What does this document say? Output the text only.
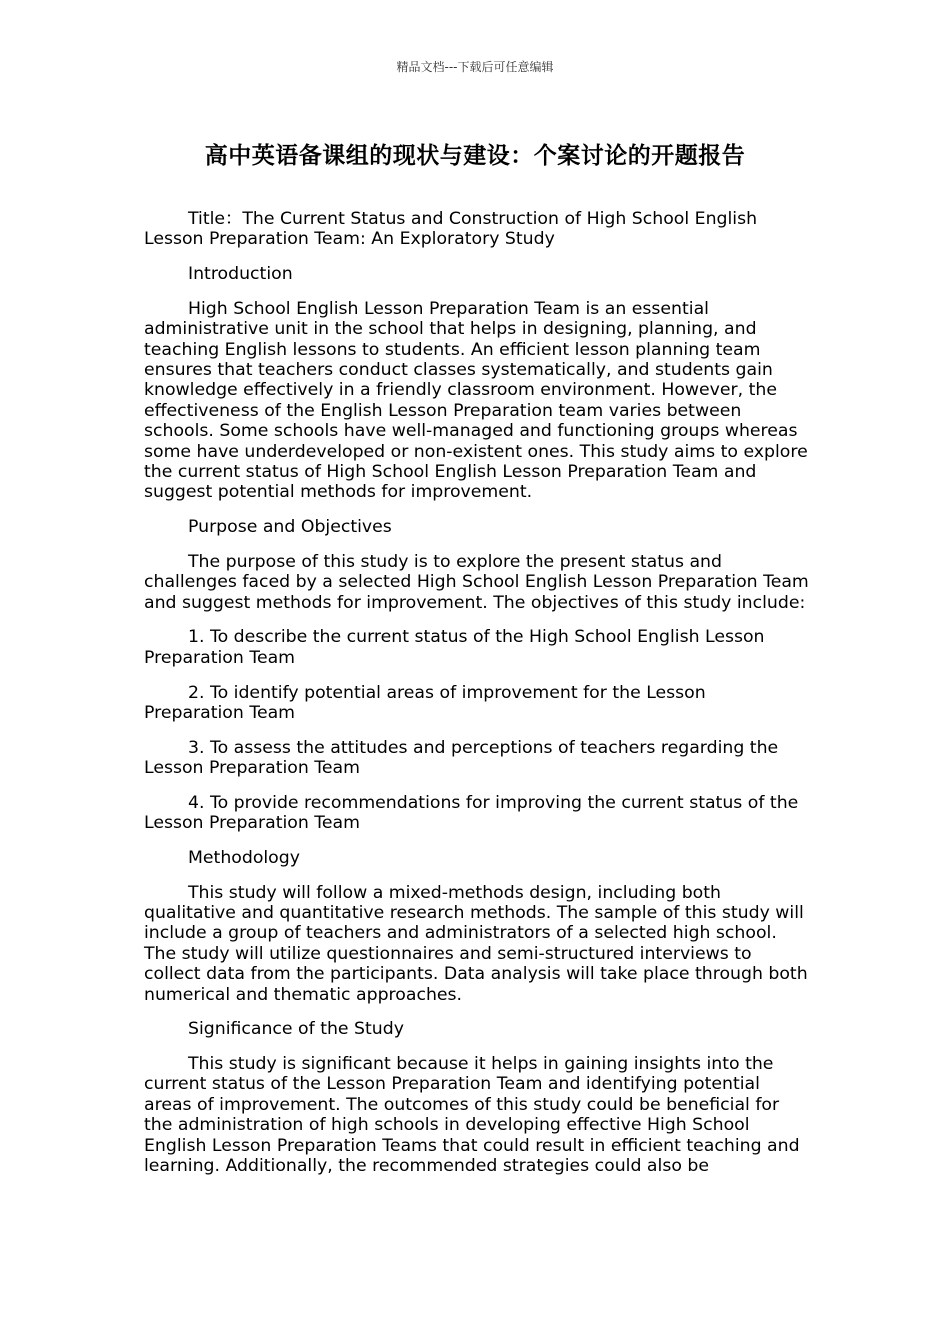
精品文档---下载后可任意编辑
高中英语备课组的现状与建设：个案讨论的开题报告

Title：The Current Status and Construction of High School English Lesson Preparation Team: An Exploratory Study

Introduction

High School English Lesson Preparation Team is an essential administrative unit in the school that helps in designing, planning, and teaching English lessons to students. An efficient lesson planning team ensures that teachers conduct classes systematically, and students gain knowledge effectively in a friendly classroom environment. However, the effectiveness of the English Lesson Preparation team varies between schools. Some schools have well-managed and functioning groups whereas some have underdeveloped or non-existent ones. This study aims to explore the current status of High School English Lesson Preparation Team and suggest potential methods for improvement.

Purpose and Objectives

The purpose of this study is to explore the present status and challenges faced by a selected High School English Lesson Preparation Team and suggest methods for improvement. The objectives of this study include:

1. To describe the current status of the High School English Lesson Preparation Team

2. To identify potential areas of improvement for the Lesson Preparation Team

3. To assess the attitudes and perceptions of teachers regarding the Lesson Preparation Team

4. To provide recommendations for improving the current status of the Lesson Preparation Team

Methodology

This study will follow a mixed-methods design, including both qualitative and quantitative research methods. The sample of this study will include a group of teachers and administrators of a selected high school. The study will utilize questionnaires and semi-structured interviews to collect data from the participants. Data analysis will take place through both numerical and thematic approaches.

Significance of the Study

This study is significant because it helps in gaining insights into the current status of the Lesson Preparation Team and identifying potential areas of improvement. The outcomes of this study could be beneficial for the administration of high schools in developing effective High School English Lesson Preparation Teams that could result in efficient teaching and learning. Additionally, the recommended strategies could also be
